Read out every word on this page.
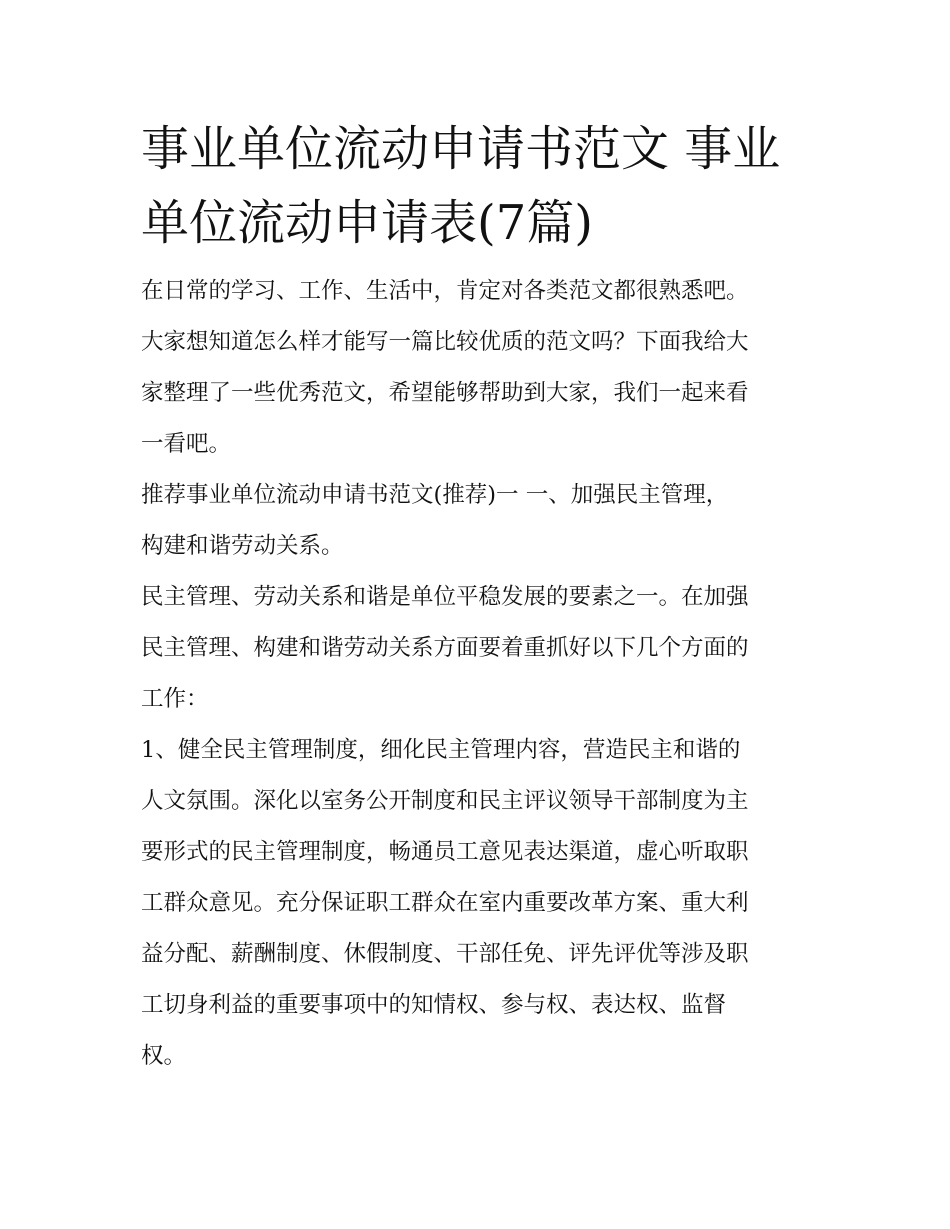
事业单位流动申请书范文 事业
单位流动申请表(7篇)

在日常的学习、工作、生活中，肯定对各类范文都很熟悉吧。
大家想知道怎么样才能写一篇比较优质的范文吗？下面我给大
家整理了一些优秀范文，希望能够帮助到大家，我们一起来看
一看吧。

推荐事业单位流动申请书范文(推荐)一 一、加强民主管理，
构建和谐劳动关系。

民主管理、劳动关系和谐是单位平稳发展的要素之一。在加强
民主管理、构建和谐劳动关系方面要着重抓好以下几个方面的
工作：

1、健全民主管理制度，细化民主管理内容，营造民主和谐的
人文氛围。深化以室务公开制度和民主评议领导干部制度为主
要形式的民主管理制度，畅通员工意见表达渠道，虚心听取职
工群众意见。充分保证职工群众在室内重要改革方案、重大利
益分配、薪酬制度、休假制度、干部任免、评先评优等涉及职
工切身利益的重要事项中的知情权、参与权、表达权、监督
权。
